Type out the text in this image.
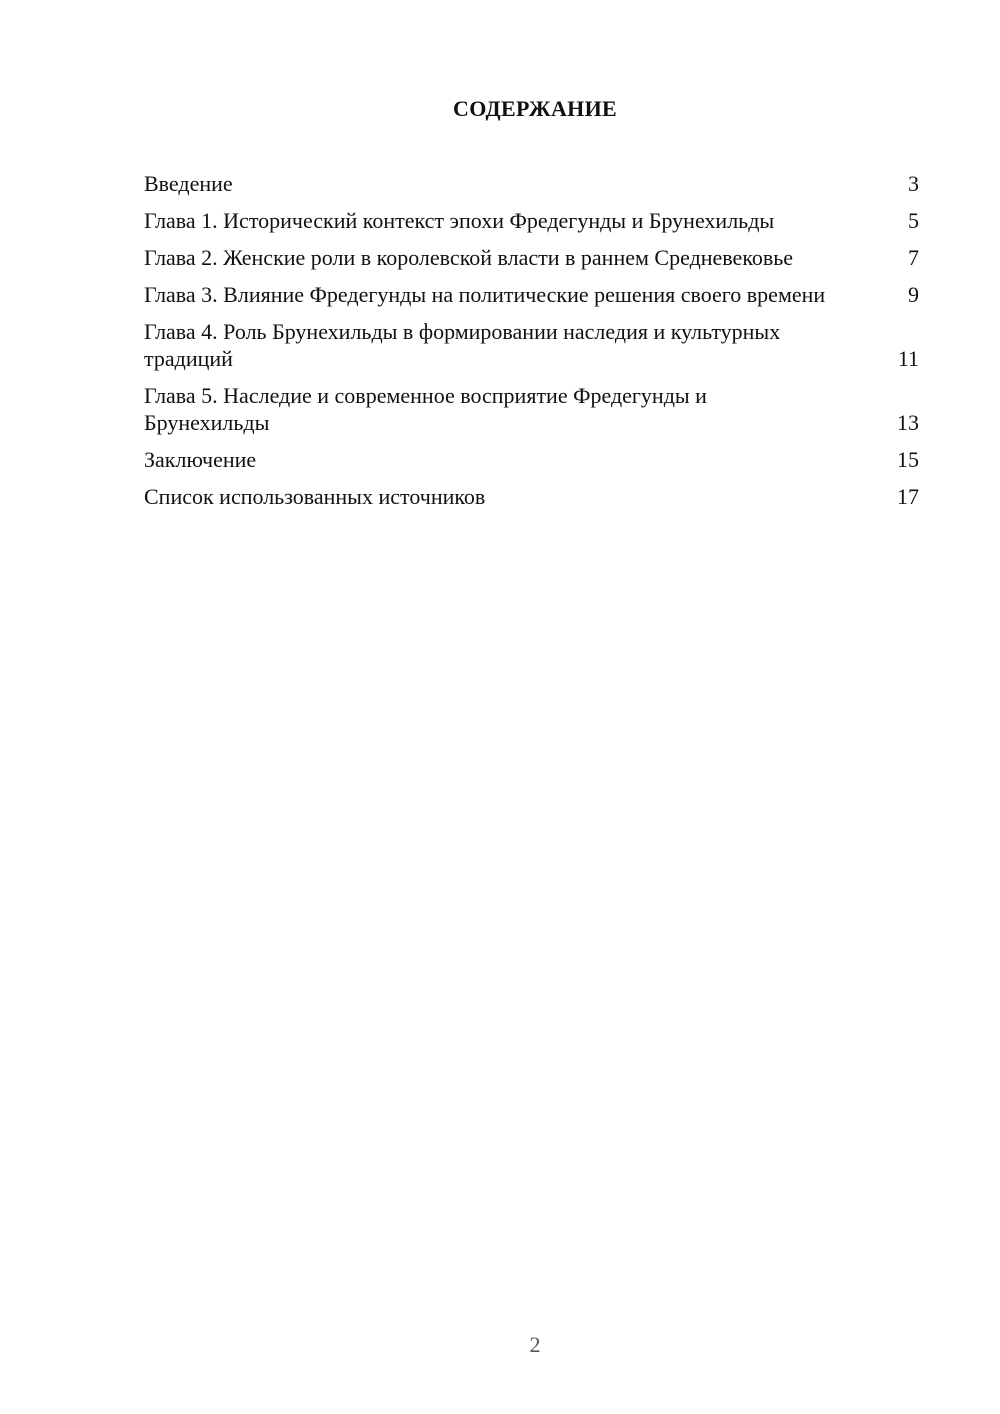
СОДЕРЖАНИЕ
Введение	3
Глава 1. Исторический контекст эпохи Фредегунды и Брунехильды	5
Глава 2. Женские роли в королевской власти в раннем Средневековье	7
Глава 3. Влияние Фредегунды на политические решения своего времени	9
Глава 4. Роль Брунехильды в формировании наследия и культурных традиций	11
Глава 5. Наследие и современное восприятие Фредегунды и Брунехильды	13
Заключение	15
Список использованных источников	17
2
